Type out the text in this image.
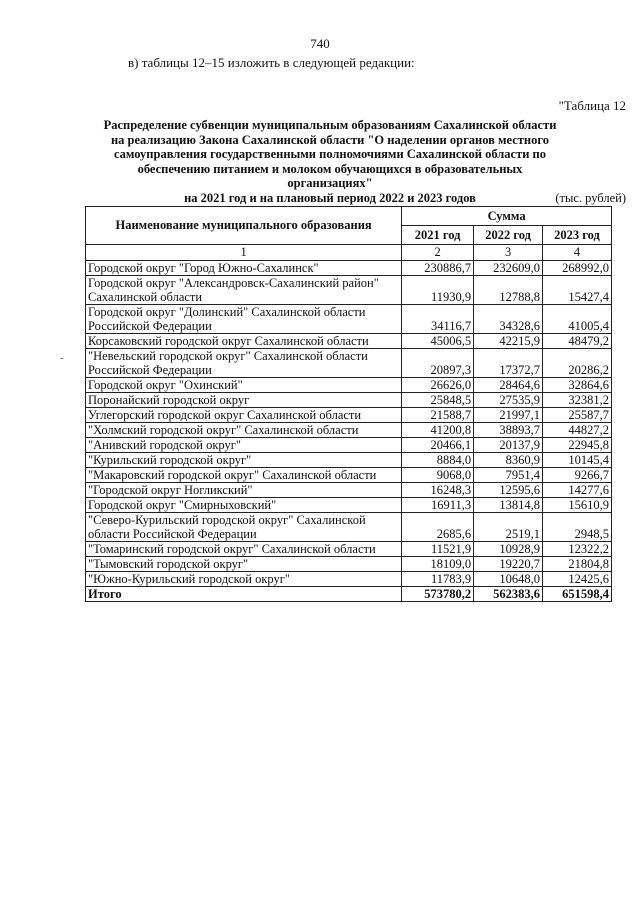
740
в) таблицы 12–15 изложить в следующей редакции:
"Таблица 12
Распределение субвенции муниципальным образованиям Сахалинской области
на реализацию Закона Сахалинской области "О наделении органов местного
самоуправления государственными полномочиями Сахалинской области по
обеспечению питанием и молоком обучающихся в образовательных организациях"
на 2021 год и на плановый период 2022 и 2023 годов	(тыс. рублей)
-
Наименование муниципального образования	Сумма		
	2021 год	2022 год	2023 год
1	2	3	4
Городской округ "Город Южно-Сахалинск"	230886,7	232609,0	268992,0
Городской округ "Александровск-Сахалинский район" Сахалинской области	11930,9	12788,8	15427,4
Городской округ "Долинский" Сахалинской области Российской Федерации	34116,7	34328,6	41005,4
Корсаковский городской округ Сахалинской области	45006,5	42215,9	48479,2
"Невельский городской округ" Сахалинской области Российской Федерации	20897,3	17372,7	20286,2
Городской округ "Охинский"	26626,0	28464,6	32864,6
Поронайский городской округ	25848,5	27535,9	32381,2
Углегорский городской округ Сахалинской области	21588,7	21997,1	25587,7
"Холмский городской округ" Сахалинской области	41200,8	38893,7	44827,2
"Анивский городской округ"	20466,1	20137,9	22945,8
"Курильский городской округ"	8884,0	8360,9	10145,4
"Макаровский городской округ" Сахалинской области	9068,0	7951,4	9266,7
"Городской округ Ногликский"	16248,3	12595,6	14277,6
Городской округ "Смирныховский"	16911,3	13814,8	15610,9
"Северо-Курильский городской округ" Сахалинской области Российской Федерации	2685,6	2519,1	2948,5
"Томаринский городской округ" Сахалинской области	11521,9	10928,9	12322,2
"Тымовский городской округ"	18109,0	19220,7	21804,8
"Южно-Курильский городской округ"	11783,9	10648,0	12425,6
Итого	573780,2	562383,6	651598,4
